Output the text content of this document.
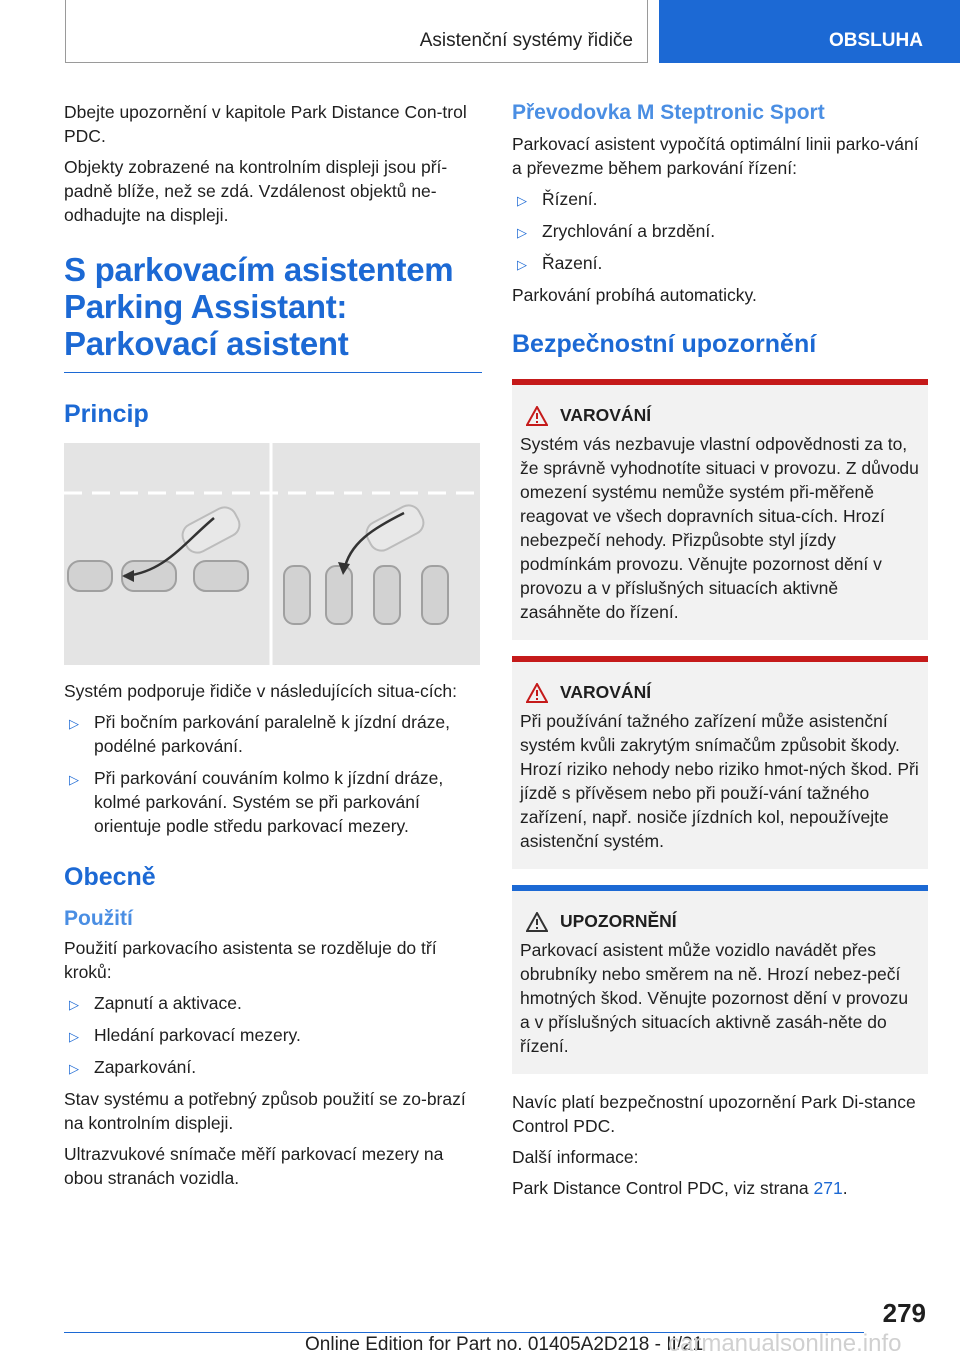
Asistenční systémy řidiče	OBSLUHA

Dbejte upozornění v kapitole Park Distance Con-trol PDC.

Objekty zobrazené na kontrolním displeji jsou pří-padně blíže, než se zdá. Vzdálenost objektů ne-odhadujte na displeji.

S parkovacím asistentem Parking Assistant: Parkovací asistent
Princip

Systém podporuje řidiče v následujících situa-cích:

▷ Při bočním parkování paralelně k jízdní dráze, podélné parkování.
▷ Při parkování couváním kolmo k jízdní dráze, kolmé parkování. Systém se při parkování orientuje podle středu parkovací mezery.
Obecně
Použití

Použití parkovacího asistenta se rozděluje do tří kroků:

▷ Zapnutí a aktivace.
▷ Hledání parkovací mezery.
▷ Zaparkování.

Stav systému a potřebný způsob použití se zo-brazí na kontrolním displeji.

Ultrazvukové snímače měří parkovací mezery na obou stranách vozidla.

Převodovka M Steptronic Sport

Parkovací asistent vypočítá optimální linii parko-vání a převezme během parkování řízení:

▷ Řízení.
▷ Zrychlování a brzdění.
▷ Řazení.

Parkování probíhá automaticky.

Bezpečnostní upozornění
VAROVÁNÍ

Systém vás nezbavuje vlastní odpovědnosti za to, že správně vyhodnotíte situaci v provozu. Z důvodu omezení systému nemůže systém při-měřeně reagovat ve všech dopravních situa-cích. Hrozí nebezpečí nehody. Přizpůsobte styl jízdy podmínkám provozu. Věnujte pozornost dění v provozu a v příslušných situacích aktivně zasáhněte do řízení.

VAROVÁNÍ

Při používání tažného zařízení může asistenční systém kvůli zakrytým snímačům způsobit škody. Hrozí riziko nehody nebo riziko hmot-ných škod. Při jízdě s přívěsem nebo při použí-vání tažného zařízení, např. nosiče jízdních kol, nepoužívejte asistenční systém.

UPOZORNĚNÍ

Parkovací asistent může vozidlo navádět přes obrubníky nebo směrem na ně. Hrozí nebez-pečí hmotných škod. Věnujte pozornost dění v provozu a v příslušných situacích aktivně zasáh-něte do řízení.

Navíc platí bezpečnostní upozornění Park Di-stance Control PDC.

Další informace:

Park Distance Control PDC, viz strana 271.

279
Online Edition for Part no. 01405A2D218 - II/21
carmanualsonline.info
